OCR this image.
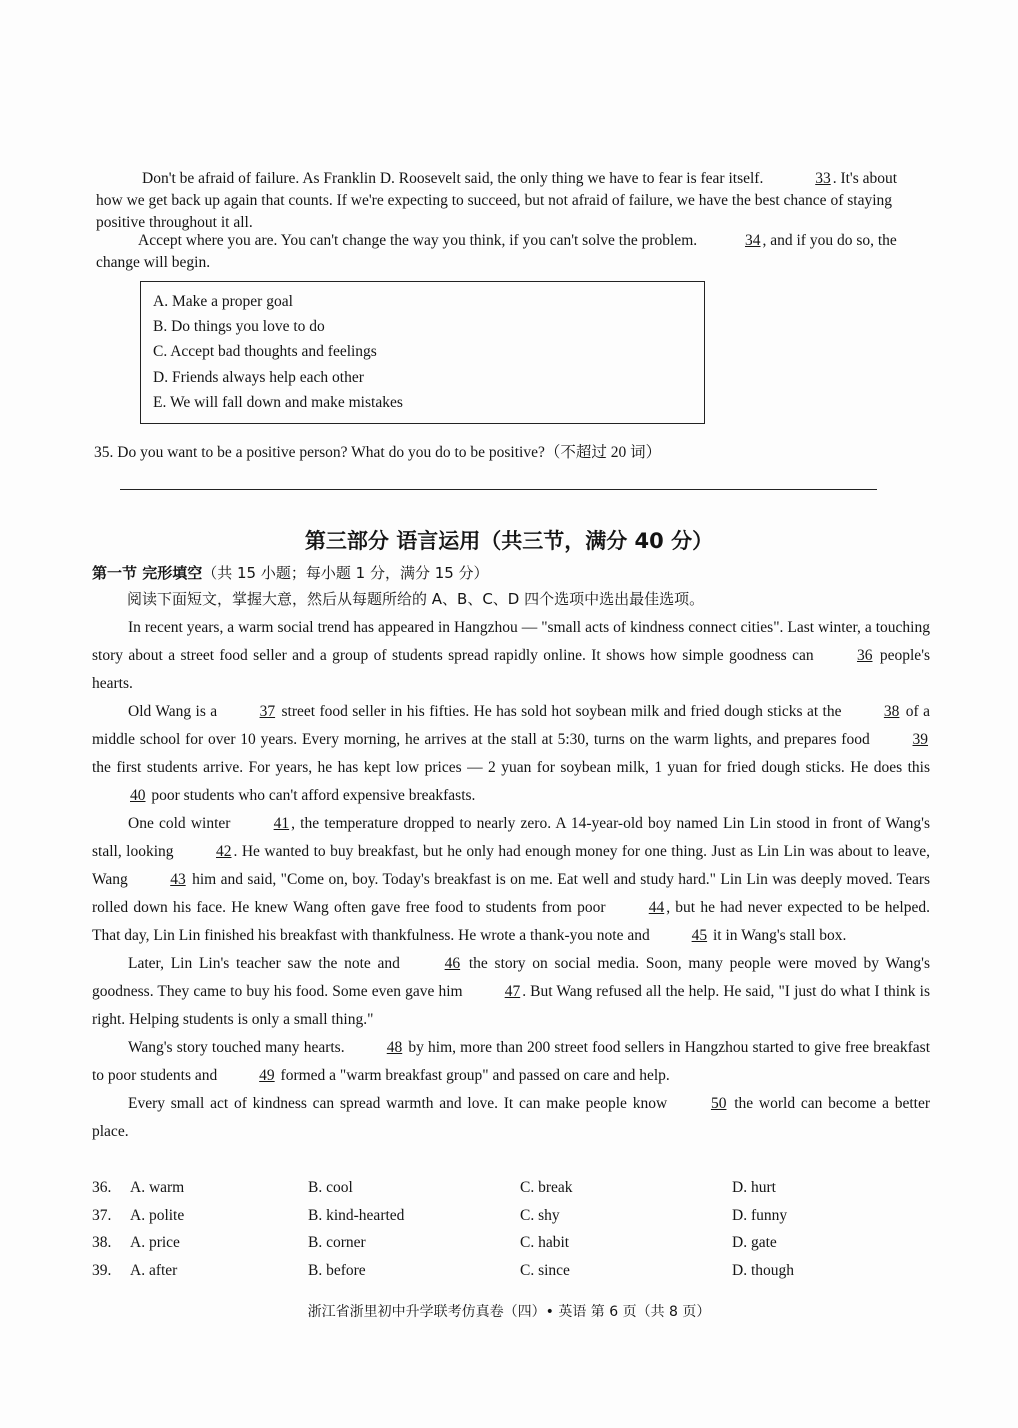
Don't be afraid of failure. As Franklin D. Roosevelt said, the only thing we have to fear is fear itself.	33 . It's about how we get back up again that counts. If we're expecting to succeed, but not afraid of failure, we have the best chance of staying positive throughout it all.

Accept where you are. You can't change the way you think, if you can't solve the problem.	34 , and if you do so, the change will begin.

A. Make a proper goal
B. Do things you love to do
C. Accept bad thoughts and feelings
D. Friends always help each other
E. We will fall down and make mistakes
35. Do you want to be a positive person? What do you do to be positive?（不超过 20 词）
第三部分 语言运用（共三节，满分 40 分）
第一节 完形填空（共 15 小题；每小题 1 分，满分 15 分）
阅读下面短文，掌握大意，然后从每题所给的 A、B、C、D 四个选项中选出最佳选项。

In recent years, a warm social trend has appeared in Hangzhou — "small acts of kindness connect cities". Last winter, a touching story about a street food seller and a group of students spread rapidly online. It shows how simple goodness can	36 people's hearts.

Old Wang is a	37 street food seller in his fifties. He has sold hot soybean milk and fried dough sticks at the	38 of a middle school for over 10 years. Every morning, he arrives at the stall at 5:30, turns on the warm lights, and prepares food	39 the first students arrive. For years, he has kept low prices — 2 yuan for soybean milk, 1 yuan for fried dough sticks. He does this 40 poor students who can't afford expensive breakfasts.

One cold winter	41 , the temperature dropped to nearly zero. A 14-year-old boy named Lin Lin stood in front of Wang's stall, looking	42 . He wanted to buy breakfast, but he only had enough money for one thing. Just as Lin Lin was about to leave, Wang	43 him and said, "Come on, boy. Today's breakfast is on me. Eat well and study hard." Lin Lin was deeply moved. Tears rolled down his face. He knew Wang often gave free food to students from poor	44 , but he had never expected to be helped. That day, Lin Lin finished his breakfast with thankfulness. He wrote a thank-you note and	45 it in Wang's stall box.

Later, Lin Lin's teacher saw the note and	46 the story on social media. Soon, many people were moved by Wang's goodness. They came to buy his food. Some even gave him	47 . But Wang refused all the help. He said, "I just do what I think is right. Helping students is only a small thing."

Wang's story touched many hearts.	48 by him, more than 200 street food sellers in Hangzhou started to give free breakfast to poor students and	49 formed a "warm breakfast group" and passed on care and help.

Every small act of kindness can spread warmth and love. It can make people know	50 the world can become a better place.

36. A. warm	B. cool	C. break	D. hurt
37. A. polite	B. kind-hearted	C. shy	D. funny
38. A. price	B. corner	C. habit	D. gate
39. A. after	B. before	C. since	D. though
浙江省浙里初中升学联考仿真卷（四）• 英语 第 6 页（共 8 页）
